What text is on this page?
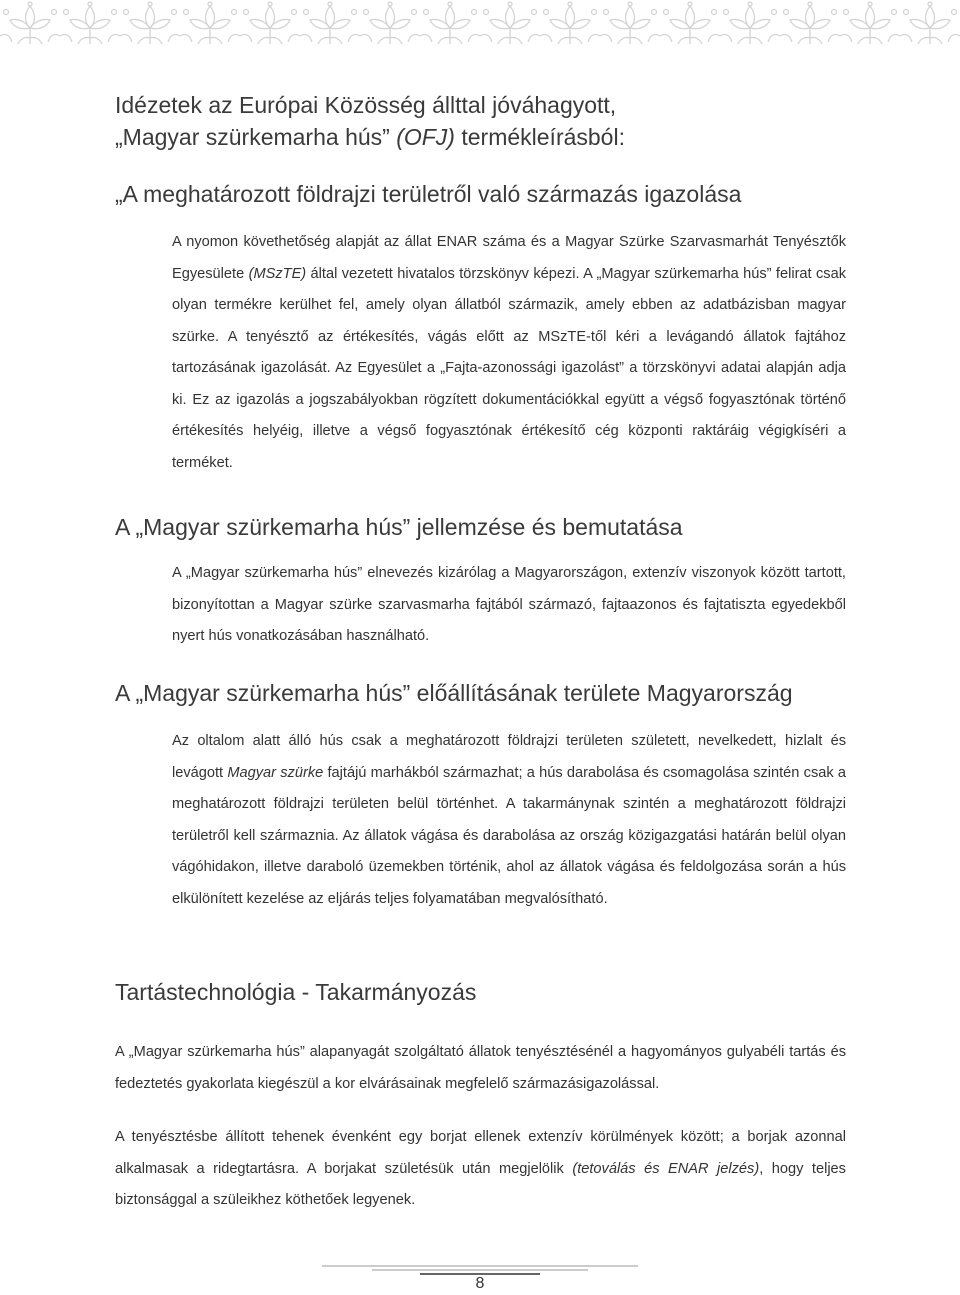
Idézetek az Európai Közösség állttal jóváhagyott,
„Magyar szürkemarha hús” (OFJ) termékleírásból:
„A meghatározott földrajzi területről való származás igazolása

A nyomon követhetőség alapját az állat ENAR száma és a Magyar Szürke Szarvasmarhát Tenyésztők Egyesülete (MSzTE) által vezetett hivatalos törzskönyv képezi. A „Magyar szürkemarha hús” felirat csak olyan termékre kerülhet fel, amely olyan állatból származik, amely ebben az adatbázisban magyar szürke. A tenyésztő az értékesítés, vágás előtt az MSzTE-től kéri a levágandó állatok fajtához tartozásának igazolását. Az Egyesület a „Fajta-azonossági igazolást” a törzskönyvi adatai alapján adja ki. Ez az igazolás a jogszabályokban rögzített dokumentációkkal együtt a végső fogyasztónak történő értékesítés helyéig, illetve a végső fogyasztónak értékesítő cég központi raktáráig végigkíséri a terméket.

A „Magyar szürkemarha hús” jellemzése és bemutatása

A „Magyar szürkemarha hús” elnevezés kizárólag a Magyarországon, extenzív viszonyok között tartott, bizonyítottan a Magyar szürke szarvasmarha fajtából származó, fajtaazonos és fajtatiszta egyedekből nyert hús vonatkozásában használható.

A „Magyar szürkemarha hús” előállításának területe Magyarország

Az oltalom alatt álló hús csak a meghatározott földrajzi területen született, nevelkedett, hizlalt és levágott Magyar szürke fajtájú marhákból származhat; a hús darabolása és csomagolása szintén csak a meghatározott földrajzi területen belül történhet. A takarmánynak szintén a meghatározott földrajzi területről kell származnia. Az állatok vágása és darabolása az ország közigazgatási határán belül olyan vágóhidakon, illetve daraboló üzemekben történik, ahol az állatok vágása és feldolgozása során a hús elkülönített kezelése az eljárás teljes folyamatában megvalósítható.

Tartástechnológia - Takarmányozás

A „Magyar szürkemarha hús” alapanyagát szolgáltató állatok tenyésztésénél a hagyományos gulyabéli tartás és fedeztetés gyakorlata kiegészül a kor elvárásainak megfelelő származásigazolással.

A tenyésztésbe állított tehenek évenként egy borjat ellenek extenzív körülmények között; a borjak azonnal alkalmasak a ridegtartásra. A borjakat születésük után megjelölik (tetoválás és ENAR jelzés), hogy teljes biztonsággal a szüleikhez köthetőek legyenek.

8
